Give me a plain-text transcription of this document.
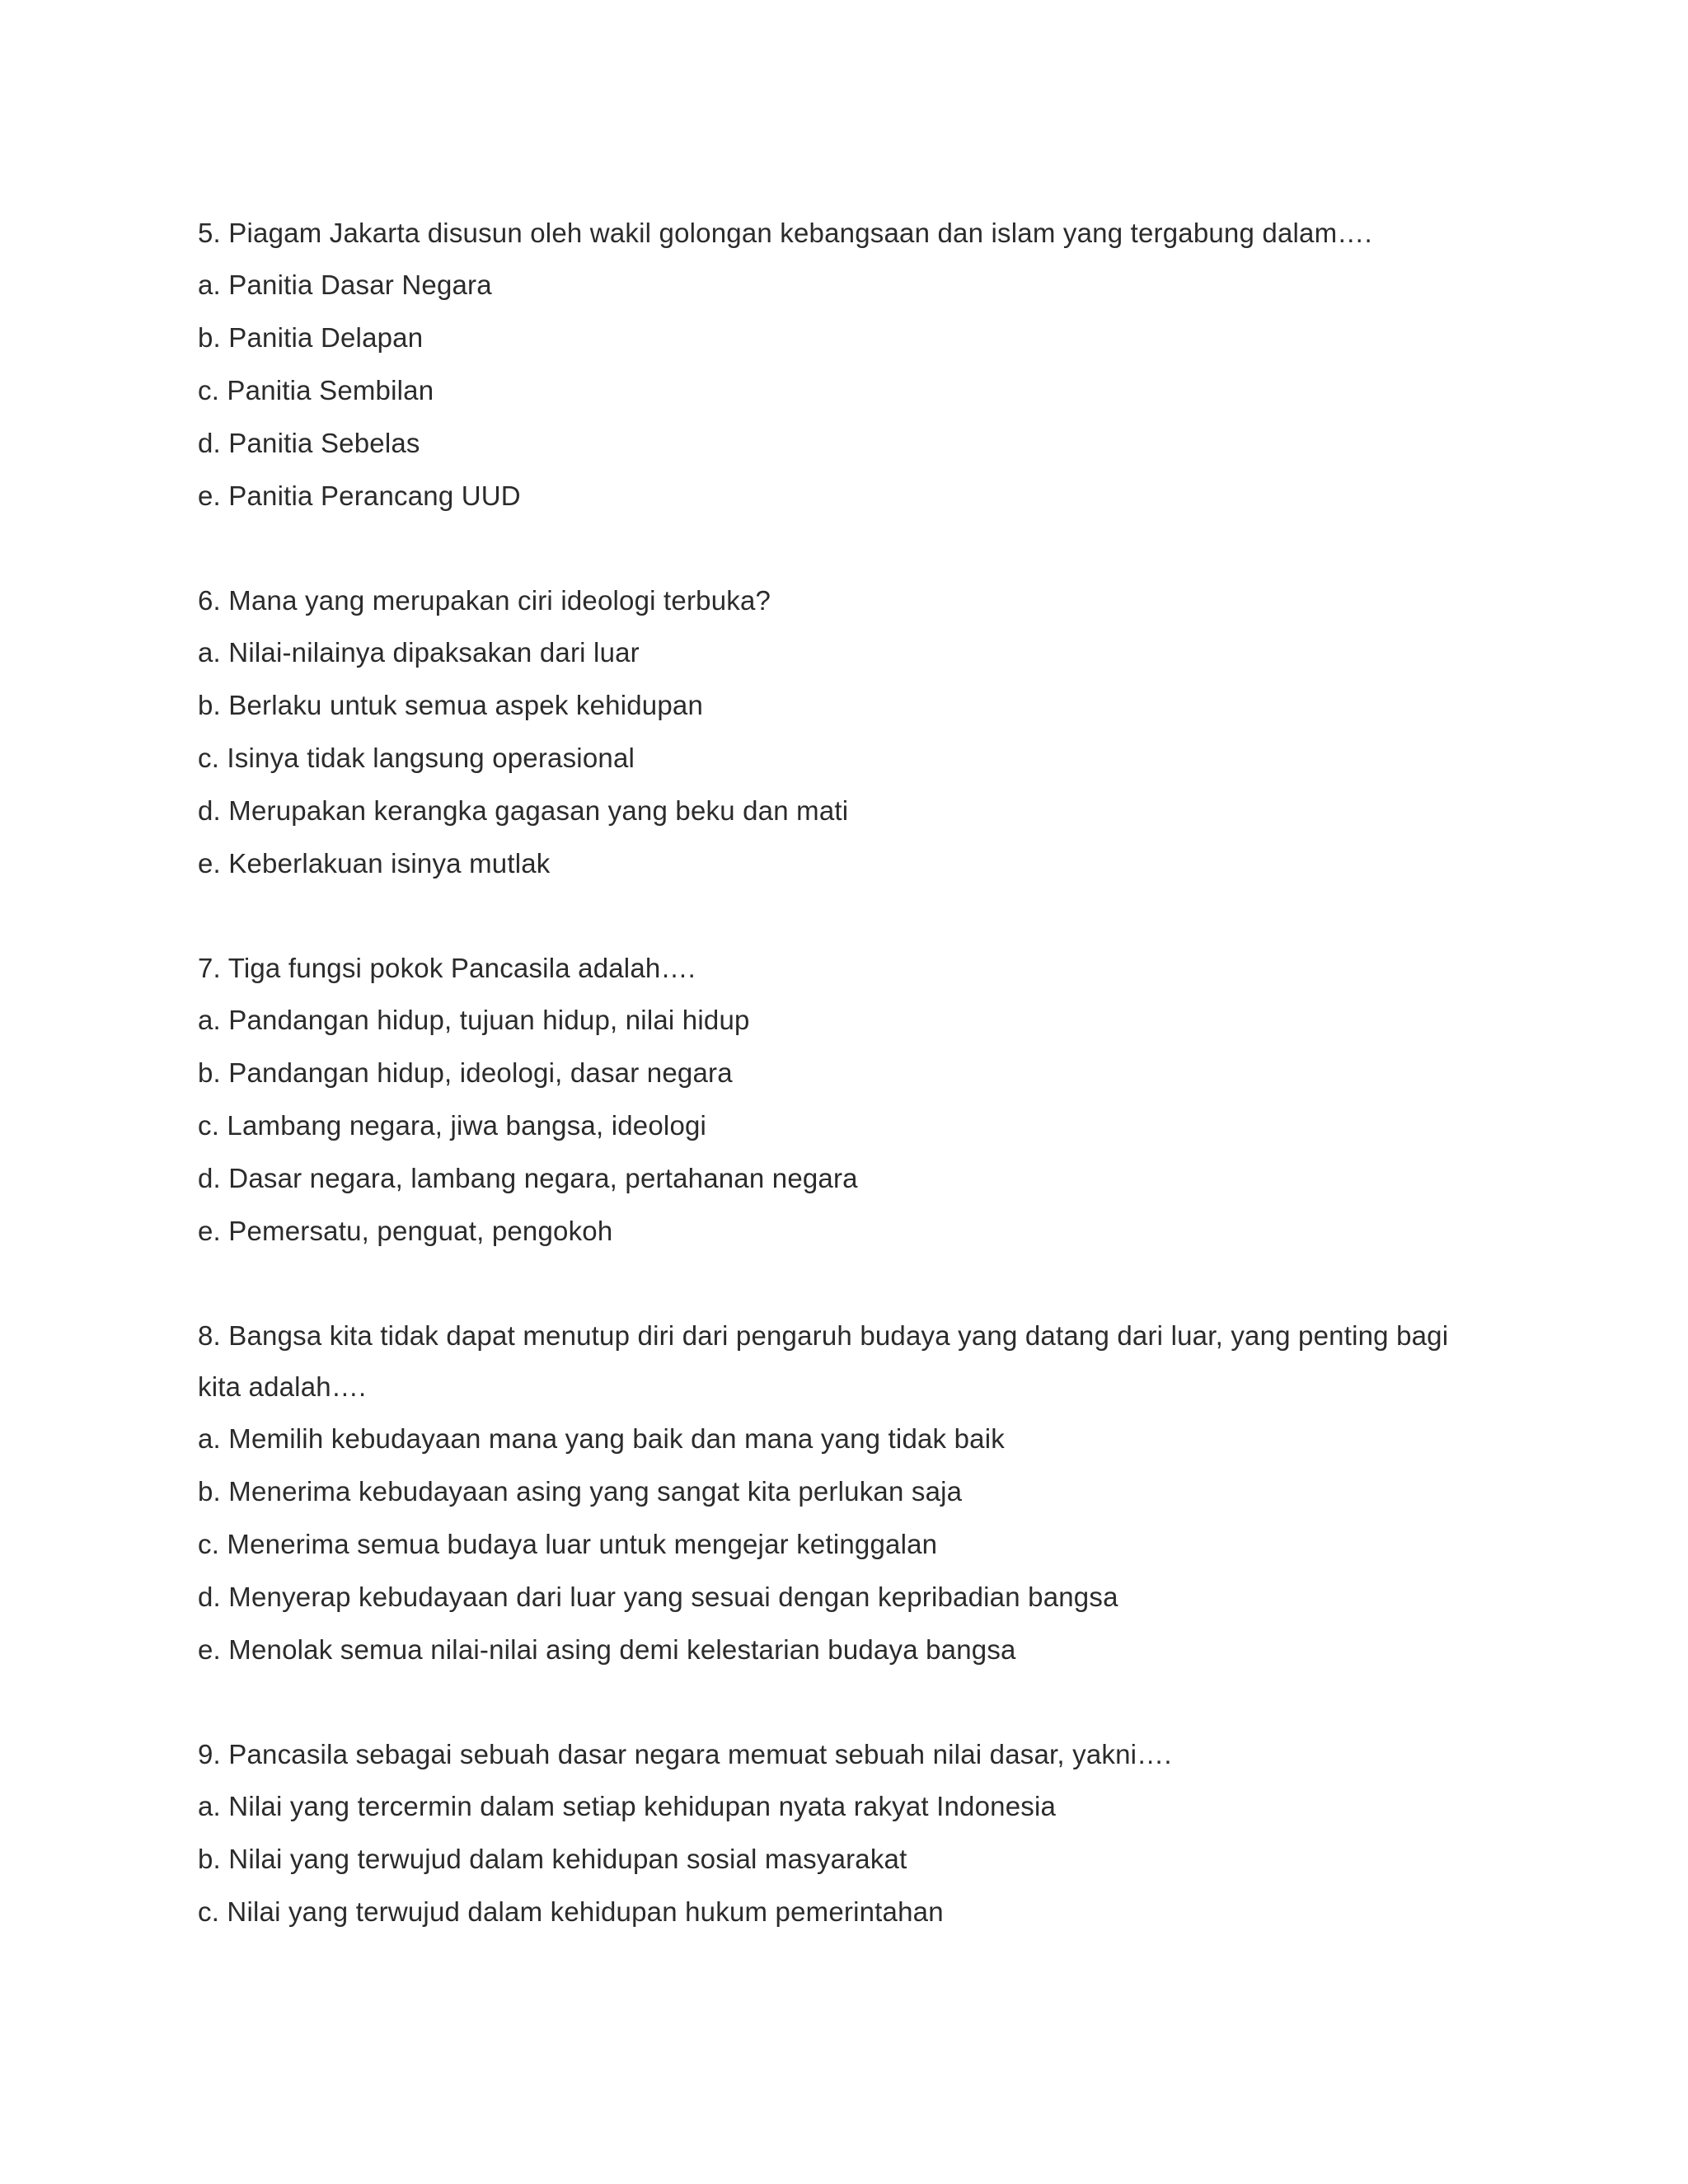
5. Piagam Jakarta disusun oleh wakil golongan kebangsaan dan islam yang tergabung dalam….
a. Panitia Dasar Negara
b. Panitia Delapan
c. Panitia Sembilan
d. Panitia Sebelas
e. Panitia Perancang UUD
6. Mana yang merupakan ciri ideologi terbuka?
a. Nilai-nilainya dipaksakan dari luar
b. Berlaku untuk semua aspek kehidupan
c. Isinya tidak langsung operasional
d. Merupakan kerangka gagasan yang beku dan mati
e. Keberlakuan isinya mutlak
7. Tiga fungsi pokok Pancasila adalah….
a. Pandangan hidup, tujuan hidup, nilai hidup
b. Pandangan hidup, ideologi, dasar negara
c. Lambang negara, jiwa bangsa, ideologi
d. Dasar negara, lambang negara, pertahanan negara
e. Pemersatu, penguat, pengokoh
8. Bangsa kita tidak dapat menutup diri dari pengaruh budaya yang datang dari luar, yang penting bagi kita adalah….
a. Memilih kebudayaan mana yang baik dan mana yang tidak baik
b. Menerima kebudayaan asing yang sangat kita perlukan saja
c. Menerima semua budaya luar untuk mengejar ketinggalan
d. Menyerap kebudayaan dari luar yang sesuai dengan kepribadian bangsa
e. Menolak semua nilai-nilai asing demi kelestarian budaya bangsa
9. Pancasila sebagai sebuah dasar negara memuat sebuah nilai dasar, yakni….
a. Nilai yang tercermin dalam setiap kehidupan nyata rakyat Indonesia
b. Nilai yang terwujud dalam kehidupan sosial masyarakat
c. Nilai yang terwujud dalam kehidupan hukum pemerintahan
